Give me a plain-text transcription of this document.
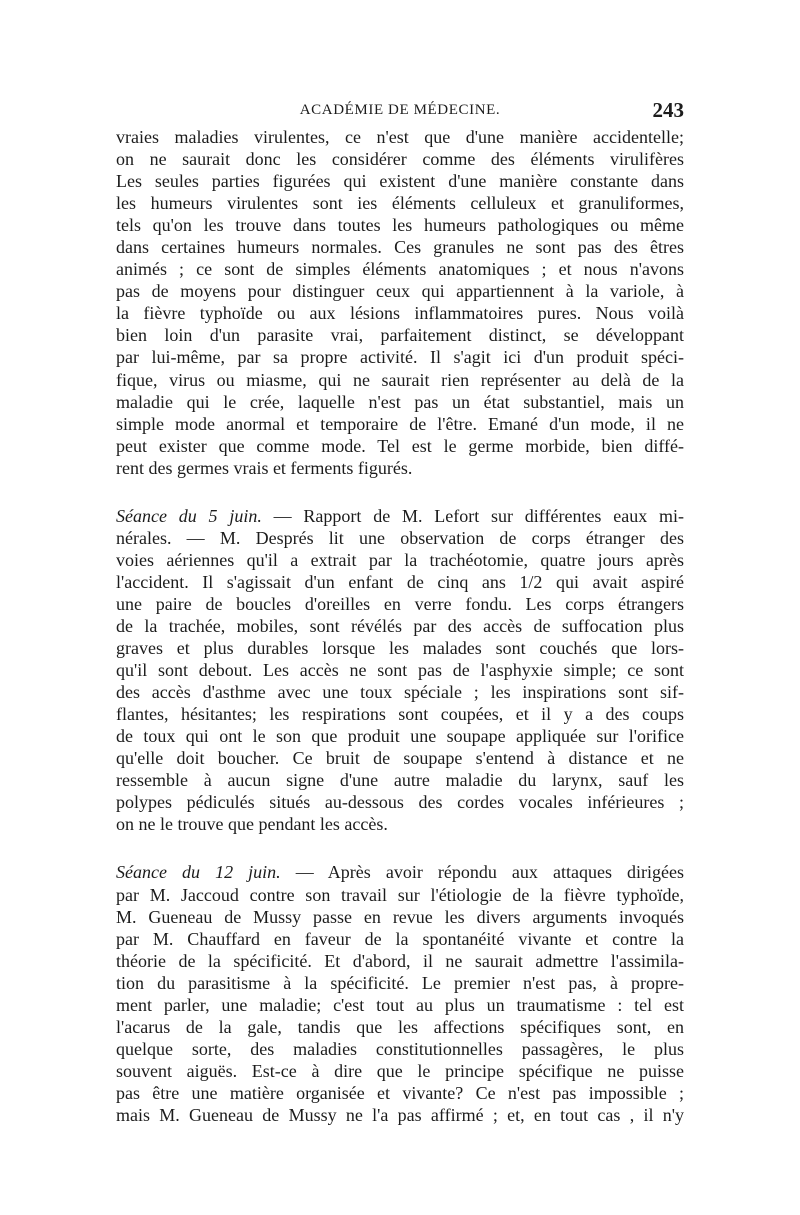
ACADÉMIE DE MÉDECINE.	243
vraies maladies virulentes, ce n'est que d'une manière accidentelle;
on ne saurait donc les considérer comme des éléments virulifères
Les seules parties figurées qui existent d'une manière constante dans
les humeurs virulentes sont ies éléments celluleux et granuliformes,
tels qu'on les trouve dans toutes les humeurs pathologiques ou même
dans certaines humeurs normales. Ces granules ne sont pas des êtres
animés ; ce sont de simples éléments anatomiques ; et nous n'avons
pas de moyens pour distinguer ceux qui appartiennent à la variole, à
la fièvre typhoïde ou aux lésions inflammatoires pures. Nous voilà
bien loin d'un parasite vrai, parfaitement distinct, se développant
par lui-même, par sa propre activité. Il s'agit ici d'un produit spéci-
fique, virus ou miasme, qui ne saurait rien représenter au delà de la
maladie qui le crée, laquelle n'est pas un état substantiel, mais un
simple mode anormal et temporaire de l'être. Emané d'un mode, il ne
peut exister que comme mode. Tel est le germe morbide, bien diffé-
rent des germes vrais et ferments figurés.
Séance du 5 juin. — Rapport de M. Lefort sur différentes eaux mi-
nérales. — M. Després lit une observation de corps étranger des
voies aériennes qu'il a extrait par la trachéotomie, quatre jours après
l'accident. Il s'agissait d'un enfant de cinq ans 1/2 qui avait aspiré
une paire de boucles d'oreilles en verre fondu. Les corps étrangers
de la trachée, mobiles, sont révélés par des accès de suffocation plus
graves et plus durables lorsque les malades sont couchés que lors-
qu'il sont debout. Les accès ne sont pas de l'asphyxie simple; ce sont
des accès d'asthme avec une toux spéciale ; les inspirations sont sif-
flantes, hésitantes; les respirations sont coupées, et il y a des coups
de toux qui ont le son que produit une soupape appliquée sur l'orifice
qu'elle doit boucher. Ce bruit de soupape s'entend à distance et ne
ressemble à aucun signe d'une autre maladie du larynx, sauf les
polypes pédiculés situés au-dessous des cordes vocales inférieures ;
on ne le trouve que pendant les accès.
Séance du 12 juin. — Après avoir répondu aux attaques dirigées
par M. Jaccoud contre son travail sur l'étiologie de la fièvre typhoïde,
M. Gueneau de Mussy passe en revue les divers arguments invoqués
par M. Chauffard en faveur de la spontanéité vivante et contre la
théorie de la spécificité. Et d'abord, il ne saurait admettre l'assimila-
tion du parasitisme à la spécificité. Le premier n'est pas, à propre-
ment parler, une maladie; c'est tout au plus un traumatisme : tel est
l'acarus de la gale, tandis que les affections spécifiques sont, en
quelque sorte, des maladies constitutionnelles passagères, le plus
souvent aiguës. Est-ce à dire que le principe spécifique ne puisse
pas être une matière organisée et vivante? Ce n'est pas impossible ;
mais M. Gueneau de Mussy ne l'a pas affirmé ; et, en tout cas , il n'y
